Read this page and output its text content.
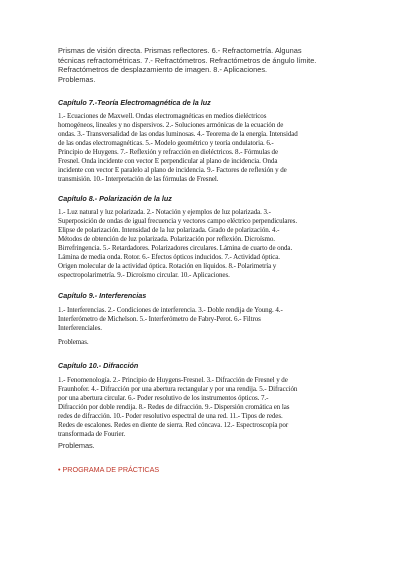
Prismas de visión directa. Prismas reflectores. 6.- Refractometría. Algunas

técnicas refractométricas. 7.- Refractómetros. Refractómetros de ángulo límite.

Refractómetros de desplazamiento de imagen. 8.- Aplicaciones.

Problemas.

Capítulo 7.-Teoría Electromagnética de la luz

1.- Ecuaciones de Maxwell. Ondas electromagnéticas en medios dieléctricos

homogéneos, lineales y no dispersivos. 2.- Soluciones armónicas de la ecuación de

ondas. 3.- Transversalidad de las ondas luminosas. 4.- Teorema de la energía. Intensidad

de las ondas electromagnéticas. 5.- Modelo geométrico y teoría ondulatoria. 6.-

Principio de Huygens. 7.- Reflexión y refracción en dieléctricos. 8.- Fórmulas de

Fresnel. Onda incidente con vector E perpendicular al plano de incidencia. Onda

incidente con vector E paralelo al plano de incidencia. 9.- Factores de reflexión y de

transmisión. 10.- Interpretación de las fórmulas de Fresnel.

Capítulo 8.- Polarización de la luz

1.- Luz natural y luz polarizada. 2.- Notación y ejemplos de luz polarizada. 3.-

Superposición de ondas de igual frecuencia y vectores campo eléctrico perpendiculares.

Elipse de polarización. Intensidad de la luz polarizada. Grado de polarización. 4.-

Métodos de obtención de luz polarizada. Polarización por reflexión. Dicroísmo.

Birrefringencia. 5.- Retardadores. Polarizadores circulares. Lámina de cuarto de onda.

Lámina de media onda. Rotor. 6.- Efectos ópticos inducidos. 7.- Actividad óptica.

Origen molecular de la actividad óptica. Rotación en líquidos. 8.- Polarimetría y

espectropolarimetría. 9.- Dicroísmo circular. 10.- Aplicaciones.

Capítulo 9.- Interferencias

1.- Interferencias. 2.- Condiciones de interferencia. 3.- Doble rendija de Young. 4.-

Interferómetro de Michelson. 5.- Interferómetro de Fabry-Perot. 6.- Filtros

Interferenciales.

Problemas.

Capítulo 10.- Difracción

1.- Fenomenología. 2.- Principio de Huygens-Fresnel. 3.- Difracción de Fresnel y de

Fraunhofer. 4.- Difracción por una abertura rectangular y por una rendija. 5.- Difracción

por una abertura circular. 6.- Poder resolutivo de los instrumentos ópticos. 7.-

Difracción por doble rendija. 8.- Redes de difracción. 9.- Dispersión cromática en las

redes de difracción. 10.- Poder resolutivo espectral de una red. 11.- Tipos de redes.

Redes de escalones. Redes en diente de sierra. Red cóncava. 12.- Espectroscopía por

transformada de Fourier.

Problemas.

• PROGRAMA DE PRÁCTICAS
